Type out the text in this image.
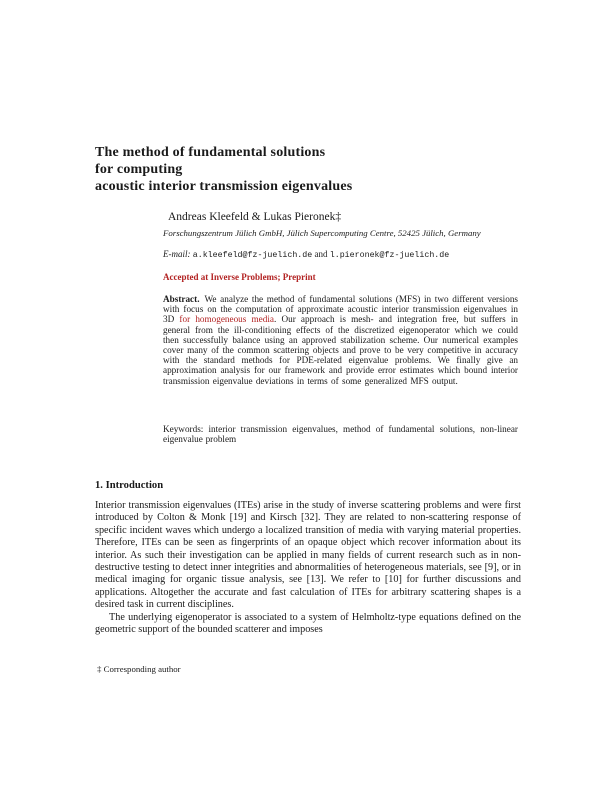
The method of fundamental solutions
for computing
acoustic interior transmission eigenvalues
Andreas Kleefeld & Lukas Pieronek‡
Forschungszentrum Jülich GmbH, Jülich Supercomputing Centre, 52425 Jülich, Germany
E-mail: a.kleefeld@fz-juelich.de and l.pieronek@fz-juelich.de
Accepted at Inverse Problems; Preprint
Abstract. We analyze the method of fundamental solutions (MFS) in two different versions with focus on the computation of approximate acoustic interior transmission eigenvalues in 3D for homogeneous media. Our approach is mesh- and integration free, but suffers in general from the ill-conditioning effects of the discretized eigenoperator which we could then successfully balance using an approved stabilization scheme. Our numerical examples cover many of the common scattering objects and prove to be very competitive in accuracy with the standard methods for PDE-related eigenvalue problems. We finally give an approximation analysis for our framework and provide error estimates which bound interior transmission eigenvalue deviations in terms of some generalized MFS output.
Keywords: interior transmission eigenvalues, method of fundamental solutions, non-linear eigenvalue problem
1. Introduction

Interior transmission eigenvalues (ITEs) arise in the study of inverse scattering problems and were first introduced by Colton & Monk [19] and Kirsch [32]. They are related to non-scattering response of specific incident waves which undergo a localized transition of media with varying material properties. Therefore, ITEs can be seen as fingerprints of an opaque object which recover information about its interior. As such their investigation can be applied in many fields of current research such as in non-destructive testing to detect inner integrities and abnormalities of heterogeneous materials, see [9], or in medical imaging for organic tissue analysis, see [13]. We refer to [10] for further discussions and applications. Altogether the accurate and fast calculation of ITEs for arbitrary scattering shapes is a desired task in current disciplines.

The underlying eigenoperator is associated to a system of Helmholtz-type equations defined on the geometric support of the bounded scatterer and imposes

‡ Corresponding author
